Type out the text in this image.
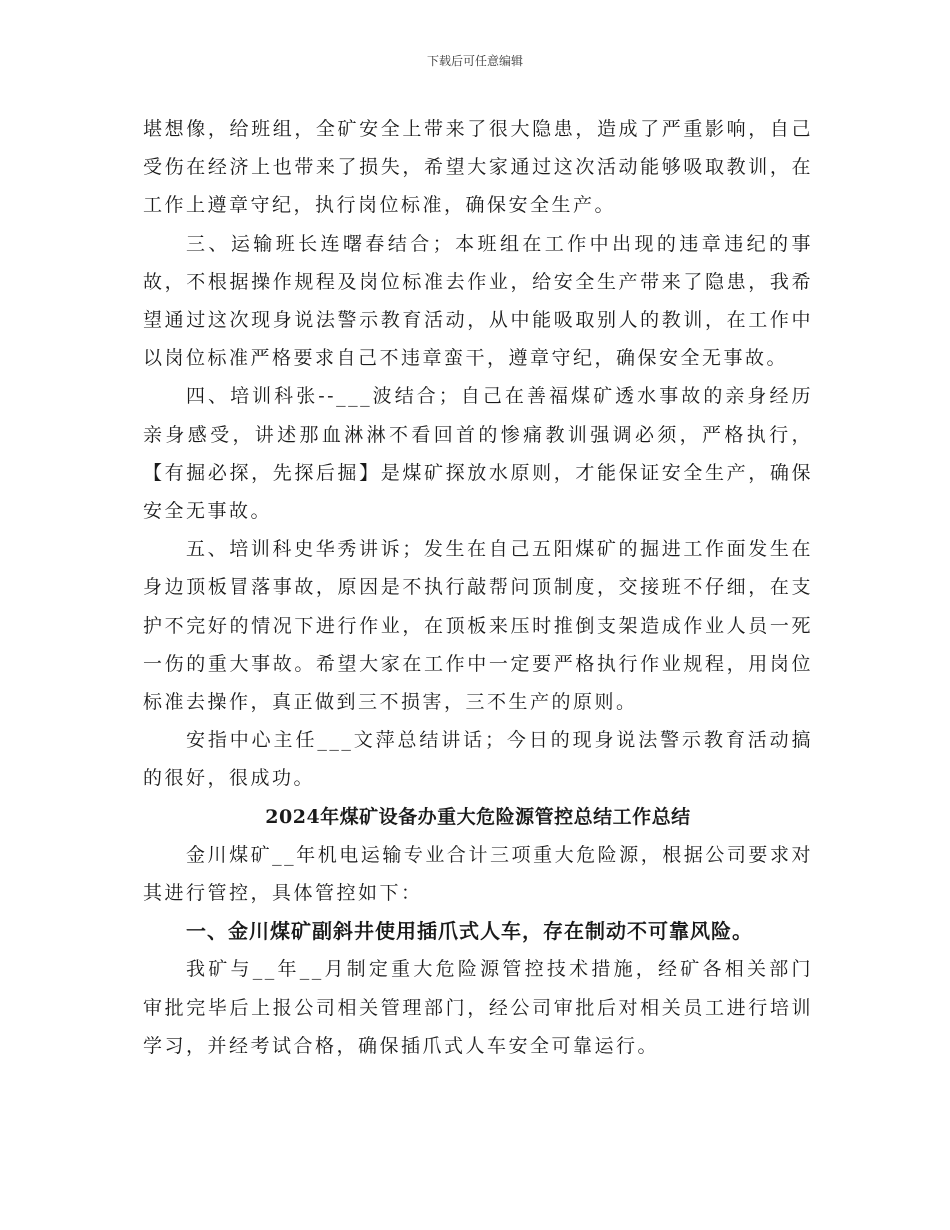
下载后可任意编辑

堪想像，给班组，全矿安全上带来了很大隐患，造成了严重影响，自己受伤在经济上也带来了损失，希望大家通过这次活动能够吸取教训，在工作上遵章守纪，执行岗位标准，确保安全生产。

三、运输班长连曙春结合；本班组在工作中出现的违章违纪的事故，不根据操作规程及岗位标准去作业，给安全生产带来了隐患，我希望通过这次现身说法警示教育活动，从中能吸取别人的教训，在工作中以岗位标准严格要求自己不违章蛮干，遵章守纪，确保安全无事故。

四、培训科张--___波结合；自己在善福煤矿透水事故的亲身经历亲身感受，讲述那血淋淋不看回首的惨痛教训强调必须，严格执行，【有掘必探，先探后掘】是煤矿探放水原则，才能保证安全生产，确保安全无事故。

五、培训科史华秀讲诉；发生在自己五阳煤矿的掘进工作面发生在身边顶板冒落事故，原因是不执行敲帮问顶制度，交接班不仔细，在支护不完好的情况下进行作业，在顶板来压时推倒支架造成作业人员一死一伤的重大事故。希望大家在工作中一定要严格执行作业规程，用岗位标准去操作，真正做到三不损害，三不生产的原则。

安指中心主任___文萍总结讲话；今日的现身说法警示教育活动搞的很好，很成功。

2024年煤矿设备办重大危险源管控总结工作总结

金川煤矿__年机电运输专业合计三项重大危险源，根据公司要求对其进行管控，具体管控如下：

一、金川煤矿副斜井使用插爪式人车，存在制动不可靠风险。

我矿与__年__月制定重大危险源管控技术措施，经矿各相关部门审批完毕后上报公司相关管理部门，经公司审批后对相关员工进行培训学习，并经考试合格，确保插爪式人车安全可靠运行。
